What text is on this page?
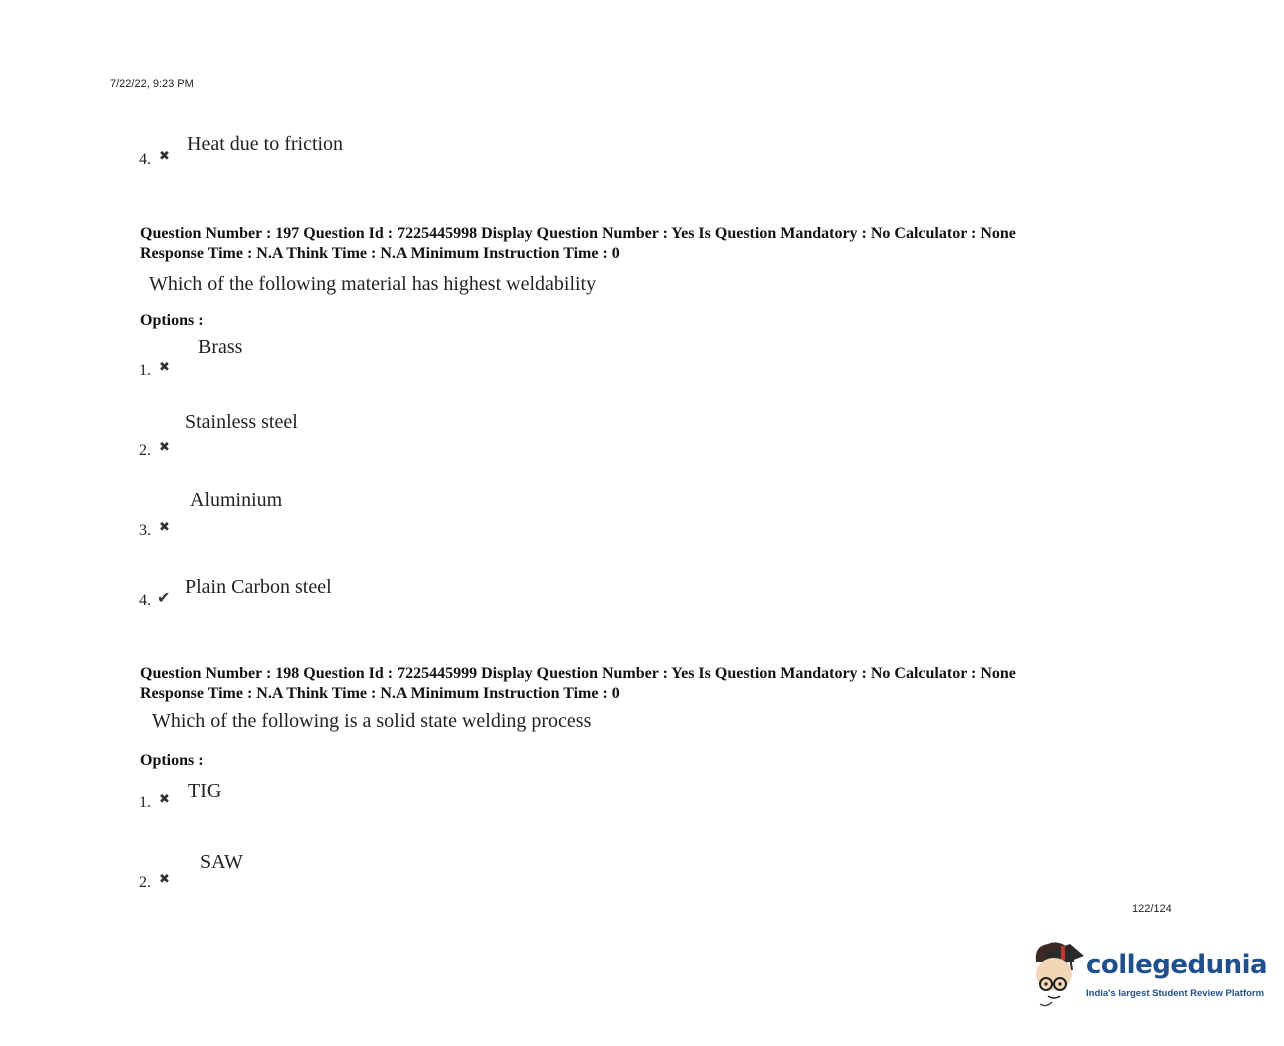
7/22/22, 9:23 PM
4. ✖
Heat due to friction
Question Number : 197 Question Id : 7225445998 Display Question Number : Yes Is Question Mandatory : No Calculator : None
Response Time : N.A Think Time : N.A Minimum Instruction Time : 0
Which of the following material has highest weldability
Options :
1. ✖
Brass
2. ✖
Stainless steel
3. ✖
Aluminium
4. ✔ Plain Carbon steel
Question Number : 198 Question Id : 7225445999 Display Question Number : Yes Is Question Mandatory : No Calculator : None
Response Time : N.A Think Time : N.A Minimum Instruction Time : 0
Which of the following is a solid state welding process
Options :
1. ✖ TIG
2. ✖
SAW
122/124
collegedunia
India's largest Student Review Platform
